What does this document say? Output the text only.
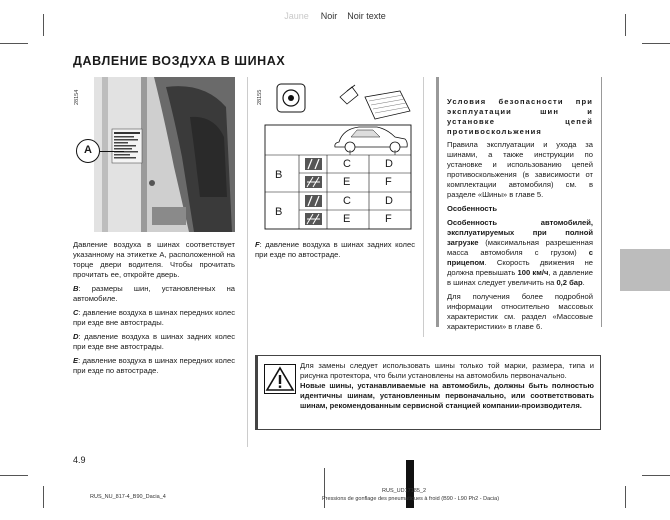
Jaune Noir Noir texte
ДАВЛЕНИЕ ВОЗДУХА В ШИНАХ
28154	28155
A
B
B
C	D
E	F
C	D
E	F

Давление воздуха в шинах соответствует указанному на этикетке A, расположенной на торце двери водителя. Чтобы прочитать прочитать ее, откройте дверь.

B: размеры шин, установленных на автомобиле.

C: давление воздуха в шинах передних колес при езде вне автострады.

D: давление воздуха в шинах задних колес при езде вне автострады.

E: давление воздуха в шинах передних колес при езде по автостраде.

F: давление воздуха в шинах задних колес при езде по автостраде.

Условия безопасности при эксплуатации шин и установке цепей противоскольжения

Правила эксплуатации и ухода за шинами, а также инструкции по установке и использованию цепей противоскольжения (в зависимости от комплектации автомобиля) см. в разделе «Шины» в главе 5.

Особенность

Особенность автомобилей, эксплуатируемых при полной загрузке (максимальная разрешенная масса автомобиля с грузом) с прицепом. Скорость движения не должна превышать 100 км/ч, а давление в шинах следует увеличить на 0,2 бар.

Для получения более подробной информации относительно массовых характеристик см. раздел «Массовые характеристики» в главе 6.

Для замены следует использовать шины только той марки, размера, типа и рисунка протектора, что были установлены на автомобиль первоначально.

Новые шины, устанавливаемые на автомобиль, должны быть полностью идентичны шинам, установленным первоначально, или соответствовать шинам, рекомендованным сервисной станцией компании-производителя.

4.9
RUS_NU_817-4_B90_Dacia_4
RUS_UD17185_2
Pressions de gonflage des pneumatiques à froid (B90 - L90 Ph2 - Dacia)
